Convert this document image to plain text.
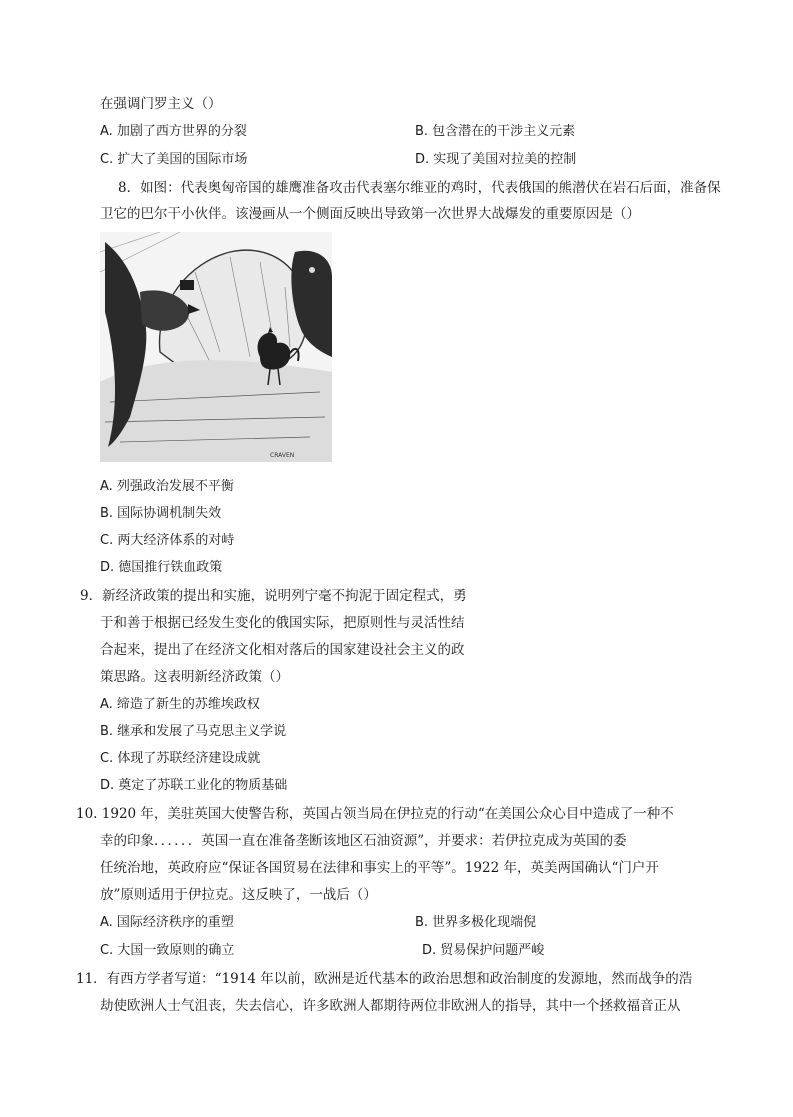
在强调门罗主义（）
A. 加剧了西方世界的分裂	B. 包含潜在的干涉主义元素
C. 扩大了美国的国际市场	D. 实现了美国对拉美的控制
8．如图：代表奥匈帝国的雄鹰准备攻击代表塞尔维亚的鸡时，代表俄国的熊潜伏在岩石后面，准备保
卫它的巴尔干小伙伴。该漫画从一个侧面反映出导致第一次世界大战爆发的重要原因是（）
CRAVEN
A. 列强政治发展不平衡
B. 国际协调机制失效
C. 两大经济体系的对峙
D. 德国推行铁血政策
9．新经济政策的提出和实施，说明列宁毫不拘泥于固定程式，勇
于和善于根据已经发生变化的俄国实际，把原则性与灵活性结
合起来，提出了在经济文化相对落后的国家建设社会主义的政
策思路。这表明新经济政策（）
A. 缔造了新生的苏维埃政权
B. 继承和发展了马克思主义学说
C. 体现了苏联经济建设成就
D. 奠定了苏联工业化的物质基础
10. 1920 年，美驻英国大使警告称，英国占领当局在伊拉克的行动“在美国公众心目中造成了一种不
幸的印象．．．．．．英国一直在准备垄断该地区石油资源”，并要求：若伊拉克成为英国的委
任统治地，英政府应“保证各国贸易在法律和事实上的平等”。1922 年，英美两国确认“门户开
放”原则适用于伊拉克。这反映了，一战后（）
A. 国际经济秩序的重塑	B. 世界多极化现端倪
C. 大国一致原则的确立	D. 贸易保护问题严峻
11．有西方学者写道：“1914 年以前，欧洲是近代基本的政治思想和政治制度的发源地，然而战争的浩
劫使欧洲人士气沮丧，失去信心，许多欧洲人都期待两位非欧洲人的指导，其中一个拯救福音正从
